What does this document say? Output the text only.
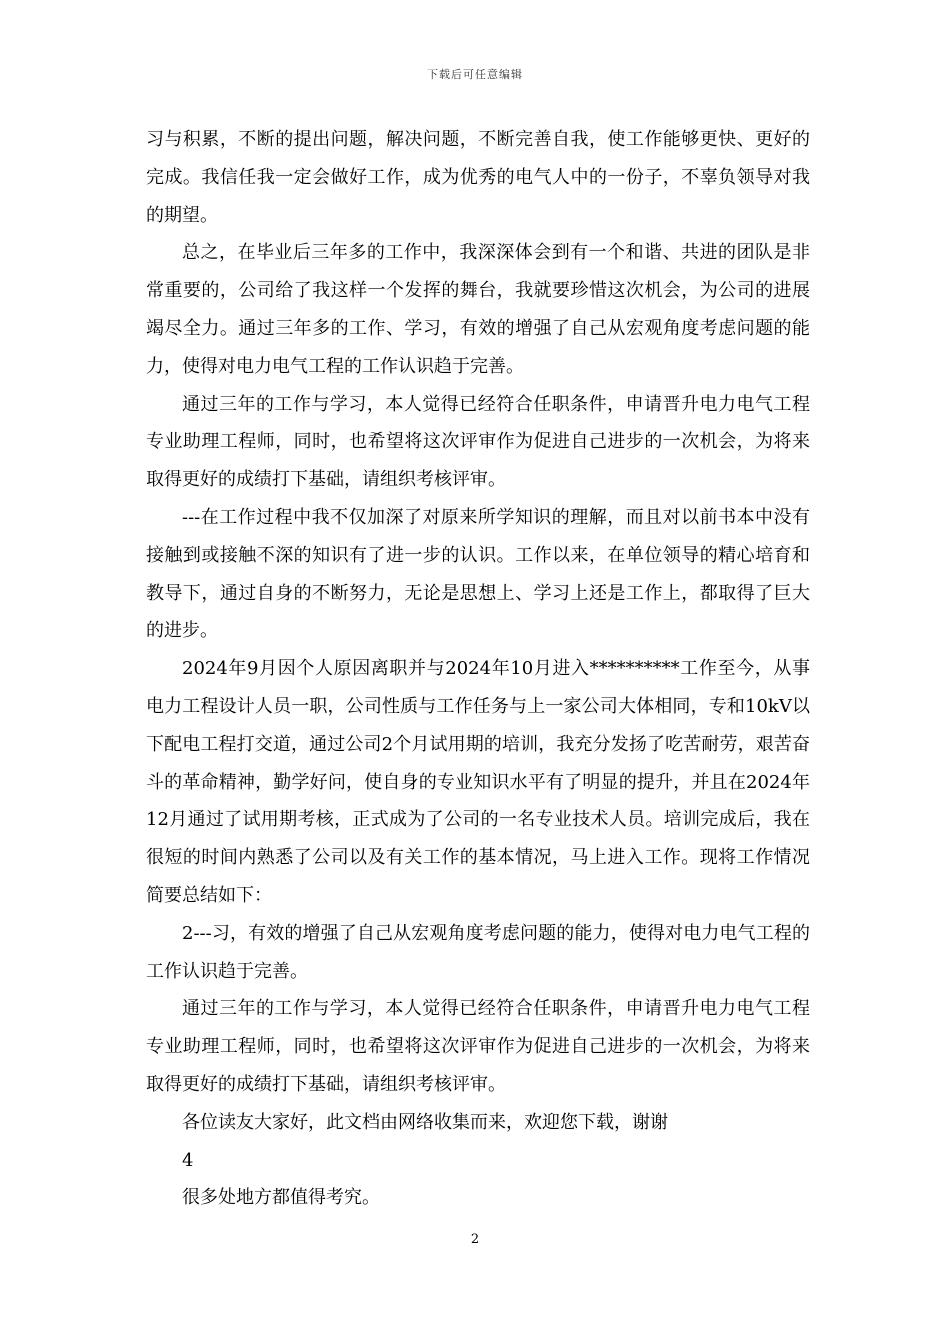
下载后可任意编辑

习与积累，不断的提出问题，解决问题，不断完善自我，使工作能够更快、更好的完成。我信任我一定会做好工作，成为优秀的电气人中的一份子，不辜负领导对我的期望。

总之，在毕业后三年多的工作中，我深深体会到有一个和谐、共进的团队是非常重要的，公司给了我这样一个发挥的舞台，我就要珍惜这次机会，为公司的进展竭尽全力。通过三年多的工作、学习，有效的增强了自己从宏观角度考虑问题的能力，使得对电力电气工程的工作认识趋于完善。

通过三年的工作与学习，本人觉得已经符合任职条件，申请晋升电力电气工程专业助理工程师，同时，也希望将这次评审作为促进自己进步的一次机会，为将来取得更好的成绩打下基础，请组织考核评审。

---在工作过程中我不仅加深了对原来所学知识的理解，而且对以前书本中没有接触到或接触不深的知识有了进一步的认识。工作以来，在单位领导的精心培育和教导下，通过自身的不断努力，无论是思想上、学习上还是工作上，都取得了巨大的进步。

2024年9月因个人原因离职并与2024年10月进入**********工作至今，从事电力工程设计人员一职，公司性质与工作任务与上一家公司大体相同，专和10kV以下配电工程打交道，通过公司2个月试用期的培训，我充分发扬了吃苦耐劳，艰苦奋斗的革命精神，勤学好问，使自身的专业知识水平有了明显的提升，并且在2024年12月通过了试用期考核，正式成为了公司的一名专业技术人员。培训完成后，我在很短的时间内熟悉了公司以及有关工作的基本情况，马上进入工作。现将工作情况简要总结如下：

2---习，有效的增强了自己从宏观角度考虑问题的能力，使得对电力电气工程的工作认识趋于完善。

通过三年的工作与学习，本人觉得已经符合任职条件，申请晋升电力电气工程专业助理工程师，同时，也希望将这次评审作为促进自己进步的一次机会，为将来取得更好的成绩打下基础，请组织考核评审。

各位读友大家好，此文档由网络收集而来，欢迎您下载，谢谢

4

很多处地方都值得考究。

2
